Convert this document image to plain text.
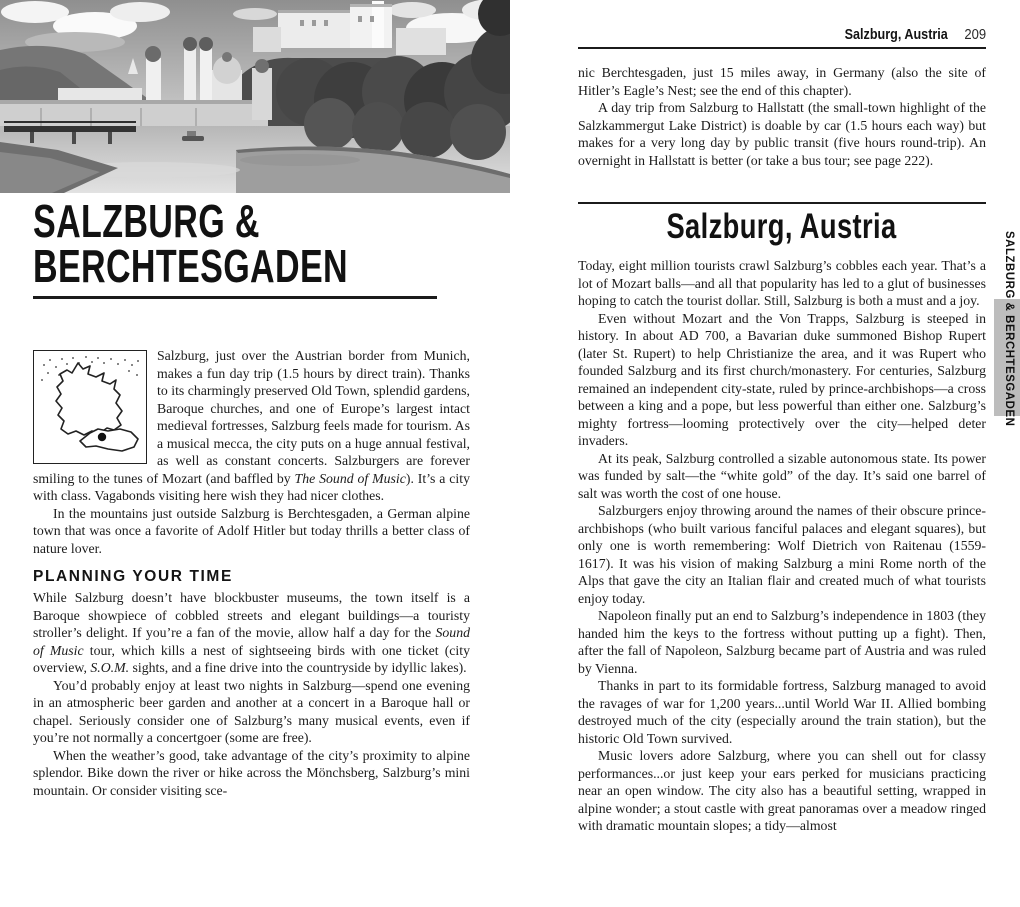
SALZBURG &
BERCHTESGADEN

Salzburg, just over the Austrian border from Munich, makes a fun day trip (1.5 hours by direct train). Thanks to its charmingly preserved Old Town, splendid gardens, Baroque churches, and one of Europe’s largest intact medieval fortresses, Salzburg feels made for tourism. As a musical mecca, the city puts on a huge annual festival, as well as constant concerts. Salzburgers are forever smiling to the tunes of Mozart (and baffled by The Sound of Music). It’s a city with class. Vagabonds visiting here wish they had nicer clothes.

In the mountains just outside Salzburg is Berchtesgaden, a German alpine town that was once a favorite of Adolf Hitler but today thrills a better class of nature lover.

PLANNING YOUR TIME

While Salzburg doesn’t have blockbuster museums, the town itself is a Baroque showpiece of cobbled streets and elegant buildings—a touristy stroller’s delight. If you’re a fan of the movie, allow half a day for the Sound of Music tour, which kills a nest of sightseeing birds with one ticket (city overview, S.O.M. sights, and a fine drive into the countryside by idyllic lakes).

You’d probably enjoy at least two nights in Salzburg—spend one evening in an atmospheric beer garden and another at a concert in a Baroque hall or chapel. Seriously consider one of Salzburg’s many musical events, even if you’re not normally a concertgoer (some are free).

When the weather’s good, take advantage of the city’s proximity to alpine splendor. Bike down the river or hike across the Mönchsberg, Salzburg’s mini mountain. Or consider visiting sce-

Salzburg, Austria 209

nic Berchtesgaden, just 15 miles away, in Germany (also the site of Hitler’s Eagle’s Nest; see the end of this chapter).

A day trip from Salzburg to Hallstatt (the small-town highlight of the Salzkammergut Lake District) is doable by car (1.5 hours each way) but makes for a very long day by public transit (five hours round-trip). An overnight in Hallstatt is better (or take a bus tour; see page 222).

Salzburg, Austria

Today, eight million tourists crawl Salzburg’s cobbles each year. That’s a lot of Mozart balls—and all that popularity has led to a glut of businesses hoping to catch the tourist dollar. Still, Salzburg is both a must and a joy.

Even without Mozart and the Von Trapps, Salzburg is steeped in history. In about AD 700, a Bavarian duke summoned Bishop Rupert (later St. Rupert) to help Christianize the area, and it was Rupert who founded Salzburg and its first church/monastery. For centuries, Salzburg remained an independent city-state, ruled by prince-archbishops—a cross between a king and a pope, but less powerful than either one. Salzburg’s mighty fortress—looming protectively over the city—helped deter invaders.

At its peak, Salzburg controlled a sizable autonomous state. Its power was funded by salt—the “white gold” of the day. It’s said one barrel of salt was worth the cost of one house.

Salzburgers enjoy throwing around the names of their obscure prince-archbishops (who built various fanciful palaces and elegant squares), but only one is worth remembering: Wolf Dietrich von Raitenau (1559-1617). It was his vision of making Salzburg a mini Rome north of the Alps that gave the city an Italian flair and created much of what tourists enjoy today.

Napoleon finally put an end to Salzburg’s independence in 1803 (they handed him the keys to the fortress without putting up a fight). Then, after the fall of Napoleon, Salzburg became part of Austria and was ruled by Vienna.

Thanks in part to its formidable fortress, Salzburg managed to avoid the ravages of war for 1,200 years...until World War II. Allied bombing destroyed much of the city (especially around the train station), but the historic Old Town survived.

Music lovers adore Salzburg, where you can shell out for classy performances...or just keep your ears perked for musicians practicing near an open window. The city also has a beautiful setting, wrapped in alpine wonder; a stout castle with great panoramas over a meadow ringed with dramatic mountain slopes; a tidy—almost

SALZBURG & BERCHTESGADEN
